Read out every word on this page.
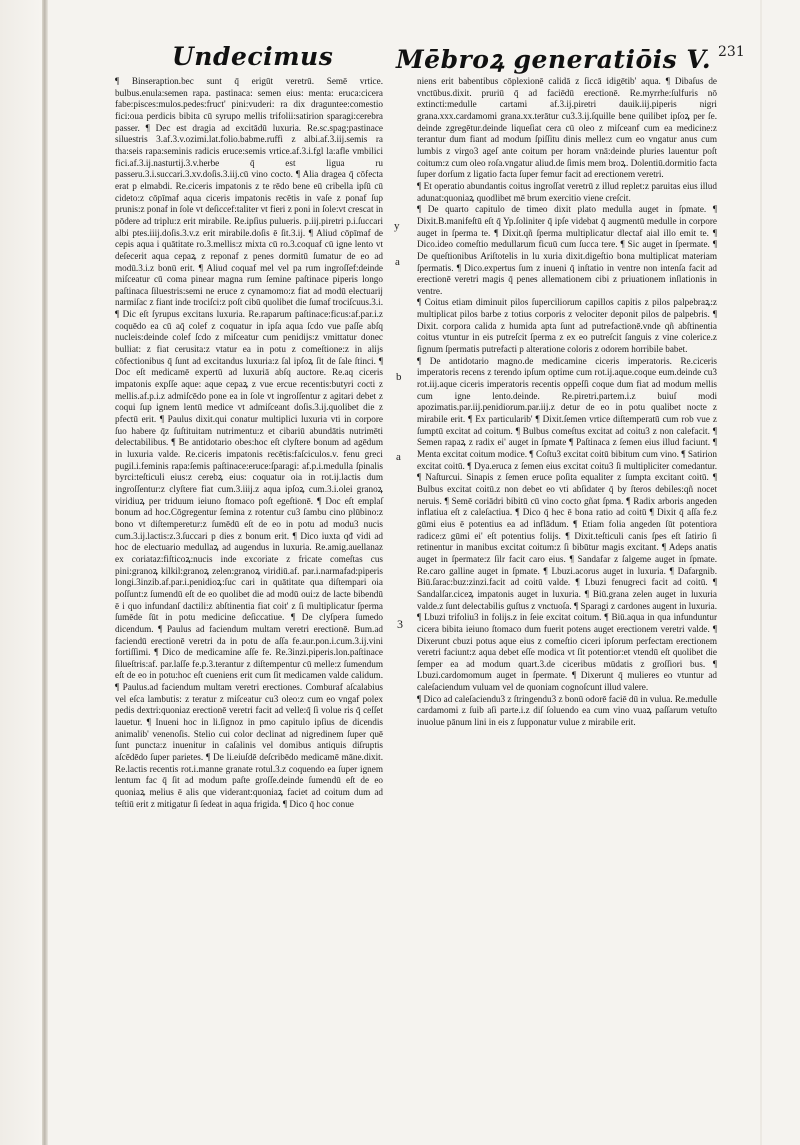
Undecimus	Mēbroꝝ generatiōis V. 231

¶ Binseraption.bec sunt q̄ erigūt veretrū. Semē vrtice. bulbus.enula:semen rapa. pastinaca: semen eius: menta: eruca:cicera fabe:pisces:mulos.pedes:fruct' pini:vuderi: ra dix draguntee:comestio fici:oua perdicis bibita cū syrupo mellis trifolii:satirion sparagi:cerebra passer. ¶ Dec est dragia ad excitādū luxuria. Re.sc.spag:pastinace siluestris 3.af.3.v.ozimi.lat.folio.babme.ruffi z albi.af.3.iij.semis ra tha:seis rapa:seminis radicis eruce:semis vrtice.af.3.i.fgl la:afle vmbilici fici.af.3.ij.nasturtij.3.v.herbe q̄ est ligua ru passeru.3.i.succari.3.xv.doſis.3.iij.cū vino cocto. ¶ Alia dragea q̄ cōfecta erat p elmabdi. Re.ciceris impatonis z te rēdo bene eū cribella ipſū cū cideto:z cōpīmaf aqua ciceris impatonis recētis in vaſe z ponaf ſup prunis:z ponaf in ſole vt deſiccef:taliter vt fieri z poni in ſole:vt crescat in pōdere ad triplu:z erit mirabile. Re.ipſius pulueris. p.iij.piretri p.i.ſuccari albi ptes.iiij.doſis.3.v.z erit mirabile.doſis ē ſit.3.ij. ¶ Aliud cōpīmaf de cepis aqua i quātitate ro.3.mellis:z mixta cū ro.3.coquaf cū igne lento vt deſecerit aqua cepaꝝ z reponaf z penes dormitū ſumatur de eo ad modū.3.i.z bonū erit. ¶ Aliud coquaf mel vel pa rum ingroſſef:deinde miſceatur cū coma pinear magna rum ſemine paſtinace piperis longo paſtinaca ſiluestris:semi ne eruce z cynamomo:z fiat ad modū electuarij narmiſac z fiant inde trociſci:z poſt cibū quolibet die ſumaf trociſcuus.3.i. ¶ Dic eſt ſyrupus excitans luxuria. Re.raparum paſtinace:ficus:af.par.i.z coquēdo ea cū aq̄ colef z coquatur in ipſa aqua ſcdo vue paſſe abſq nucleis:deinde colef ſcdo z miſceatur cum penidijs:z vmittatur donec bulliat: z fiat cerusita:z vtatur ea in potu z comeſtione:z in alijs cōfectionibus q̄ ſunt ad excitandus luxuria:z ſal ipſoꝝ ſit de ſale ſtinci. ¶ Doc eſt medicamē expertū ad luxuriā abſq auctore. Re.aq ciceris impatonis expſſe aque: aque cepaꝝ z vue ercue recentis:butyri cocti z mellis.af.p.i.z admiſcēdo pone ea in ſole vt ingroſſentur z agitari debet z coqui ſup ignem lentū medice vt admiſceant doſis.3.ij.quolibet die z pfectū erit. ¶ Paulus dixit.qui conatur multiplici luxuria vti in corpore ſuo habere q̄z ſuſtituitam nutrimentu:z et cibariū abundātis nutrimēti delectabilibus. ¶ Be antidotario obes:hoc eſt clyſtere bonum ad agēdum in luxuria valde. Re.ciceris impatonis recētis:faſciculos.v. fenu greci pugil.i.feminis rapa:ſemis paſtinace:eruce:ſparagi: af.p.i.medulla ſpinalis byrci:teſticuli eius:z cerebꝝ eius: coquatur oia in rot.ij.lactis dum ingroſſentur:z clyſtere fiat cum.3.iiij.z aqua ipſoꝝ cum.3.i.olei granoꝝ viridiuꝝ per triduum ieiuno ſtomaco poſt egeſtionē. ¶ Doc eſt emplaſ bonum ad hoc.Cōgregentur ſemina z rotentur cu3 ſambu cino plūbino:z bono vt diſtemperetur:z ſumēdū eſt de eo in potu ad modu3 nucis cum.3.ij.lactis:z.3.ſuccari p dies z bonum erit. ¶ Dico iuxta qđ vidi ad hoc de electuario medullaꝝ ad augendus in luxuria. Re.amig.auellanaz ex coriataz:fiſticoꝝ:nucis inde excoriate z fricate comeſtas cus pini:granoꝝ kilkil:granoꝝ zelen:granoꝝ viridiū.af. par.i.narmafad:piperis longi.3inzib.af.par.i.penidioꝝ:ſuc cari in quātitate qua diſtempari oia poſſunt:z ſumendū eſt de eo quolibet die ad modū oui:z de lacte bibendū ē i quo infundanſ dactili:z abſtinentia fiat coit' z ſi multiplicatur ſperma ſumēde ſūt in potu medicine deſiccatiue. ¶ De clyſpera ſumedo dicendum. ¶ Paulus ad faciendum multam veretri erectionē. Bum.ad faciendū erectionē veretri da in potu de aſſa fe.aur.pon.i.cum.3.ij.vini fortiſſimi. ¶ Dico de medicamine aſſe fe. Re.3inzi.piperis.lon.paſtinace ſilueſtris:af. par.laſſe fe.p.3.terantur z diſtempentur cū melle:z ſumendum eſt de eo in potu:hoc eſt cueniens erit cum ſit medicamen valde calidum. ¶ Paulus.ad faciendum multam veretri erectiones. Comburaf aſcalabius vel eſca lambutis: z teratur z miſceatur cu3 oleo:z cum eo vngaf polex pedis dextri:quoniaz erectionē veretri facit ad velle:q̄ ſi volue ris q̄ ceſſet lauetur. ¶ Inueni hoc in li.ſignoz in pmo capitulo ipſius de dicendis animalib' venenoſis. Stelio cui color declinat ad nigredinem ſuper quē ſunt puncta:z inuenitur in caſalinis vel domibus antiquis diſruptis aſcēdēdo ſuper parietes. ¶ De li.eiuſdē deſcribēdo medicamē māne.dixit. Re.lactis recentis rot.i.manne granate rotul.3.z coquendo ea ſuper ignem lentum fac q̄ ſit ad modum paſte groſſe.deinde ſumendū eſt de eo quoniaꝝ melius ē alis que viderant:quoniaꝝ faciet ad coitum dum ad teſtiū erit z mitigatur ſi ſedeat in aqua frigida. ¶ Dico q̄ hoc conue

niens erit babentibus cōplexionē calidā z ſiccā idigētib' aqua. ¶ Dibaſus de vnctūbus.dixit. pruriū q̄ ad faciēdū erectionē. Re.myrrhe:ſulfuris nō extincti:medulle cartami af.3.ij.piretri dauik.iij.piperis nigri grana.xxx.cardamomi grana.xx.terātur cu3.3.ij.ſquille bene quilibet ipſoꝝ per ſe. deinde zgregētur.deinde liqueſiat cera cū oleo z miſceanf cum ea medicine:z terantur dum fiant ad modum ſpiſſitu dinis melle:z cum eo vngatur anus cum lumbis z virgo3 ageſ ante coitum per horam vnā:deinde pluries lauentur poſt coitum:z cum oleo roſa.vngatur aliud.de ſimis mem broꝝ. Dolentiū.dormitio facta ſuper dorſum z ligatio facta ſuper femur facit ad erectionem veretri.

¶ Et operatio abundantis coitus ingroſſat veretrū z illud replet:z paruitas eius illud adunat:quoniaꝝ quodlibet mē brum exercitio viene creſcit.

¶ De quarto capitulo de timeo dixit plato medulla auget in ſpmate. ¶ Dixit.B.manifeſtū eſt q̄ Yp.ſoliniter q̄ ipſe videbat q̄ augmentū medulle in corpore auget in ſperma te. ¶ Dixit.qñ ſperma multiplicatur dlectaf aial illo emit te. ¶ Dico.ideo comeſtio medullarum ficuū cum ſucca tere. ¶ Sic auget in ſpermate. ¶ De queſtionibus Ariſtotelis in lu xuria dixit.digeſtio bona multiplicat materiam ſpermatis. ¶ Dico.expertus ſum z inueni q̄ inſtatio in ventre non intenſa facit ad erectionē veretri magis q̄ penes allemationem cibi z priuationem inſlationis in ventre.

¶ Coitus etiam diminuit pilos ſuperciliorum capillos capitis z pilos palpebraꝝ:z multiplicat pilos barbe z totius corporis z velociter deponit pilos de palpebris. ¶ Dixit. corpora calida z humida apta ſunt ad putrefactionē.vnde qñ abſtinentia coitus vtuntur in eis putreſcit ſperma z ex eo putreſcit ſanguis z vine colerice.z ſignum ſpermatis putrefacti p alteratione coloris z odorem horribile babet.

¶ De antidotario magno.de medicamine ciceris imperatoris. Re.ciceris imperatoris recens z terendo ipſum optime cum rot.ij.aque.coque eum.deinde cu3 rot.iij.aque ciceris imperatoris recentis oppeſſi coque dum fiat ad modum mellis cum igne lento.deinde. Re.piretri.partem.i.z buiuſ modi apozimatis.par.iij.penidiorum.par.iij.z detur de eo in potu qualibet nocte z mirabile erit. ¶ Ex particularib' ¶ Dixit.ſemen vrtice diſtemperatū cum rob vue z ſumptū excitat ad coitum. ¶ Bulbus comeſtus excitat ad coitu3 z non calefacit. ¶ Semen rapaꝝ z radix ei' auget in ſpmate ¶ Paſtinaca z ſemen eius illud faciunt. ¶ Menta excitat coitum modice. ¶ Coſtu3 excitat coitū bibitum cum vino. ¶ Satirion excitat coitū. ¶ Dya.eruca z ſemen eius excitat coitu3 ſi multipliciter comedantur. ¶ Naſturcui. Sinapis z ſemen eruce poſita equaliter z ſumpta excitant coitū. ¶ Bulbus excitat coitū.z non debet eo vti abſidater q̄ by ſteros debiles:qñ nocet neruis. ¶ Semē coriādri bibitū cū vino cocto gñat ſpma. ¶ Radix arboris angeden inflatiua eſt z caleſactiua. ¶ Dico q̄ hec ē bona ratio ad coitū ¶ Dixit q̄ aſſa fe.z gūmi eius ē potentius ea ad inflādum. ¶ Etiam folia angeden ſūt potentiora radice:z gūmi ei' eſt potentius folijs. ¶ Dixit.teſticuli canis ſpes eſt ſatirio ſi retinentur in manibus excitat coitum:z ſi bibūtur magis excitant. ¶ Adeps anatis auget in ſpermate:z ſilr facit caro eius. ¶ Sandafar z ſalgeme auget in ſpmate. Re.caro galline auget in ſpmate. ¶ Lbuzi.acorus auget in luxuria. ¶ Dafargnib. Biū.ſarac:buz:zinzi.facit ad coitū valde. ¶ Lbuzi fenugreci facit ad coitū. ¶ Sandalſar.ciceꝝ impatonis auget in luxuria. ¶ Biū.grana zelen auget in luxuria valde.z ſunt delectabilis guſtus z vnctuoſa. ¶ Sparagi z cardones augent in luxuria. ¶ Lbuzi trifoliu3 in folijs.z in ſeie excitat coitum. ¶ Biū.aqua in qua infunduntur cicera bibita ieiuno ſtomaco dum fuerit potens auget erectionem veretri valde. ¶ Dixerunt cbuzi potus aque eius z comeſtio ciceri ipſorum perfectam erectionem veretri faciunt:z aqua debet eſſe modica vt ſit potentior:et vtendū eſt quolibet die ſemper ea ad modum quart.3.de ciceribus mūdatis z groſſiori bus. ¶ Lbuzi.cardomomum auget in ſpermate. ¶ Dixerunt q̄ mulieres eo vtuntur ad caleſaciendum vuluam vel de quoniam cognoſcunt illud valere.

¶ Dico ad caleſaciendu3 z ſtringendu3 z bonū odorē faciē dū in vulua. Re.medulle cardamomi z ſuib aſi parte.i.z diſ ſoluendo ea cum vino vuaꝝ paſſarum vetuſto inuolue pānum lini in eis z ſupponatur vulue z mirabile erit.

y
a
b
a
3
